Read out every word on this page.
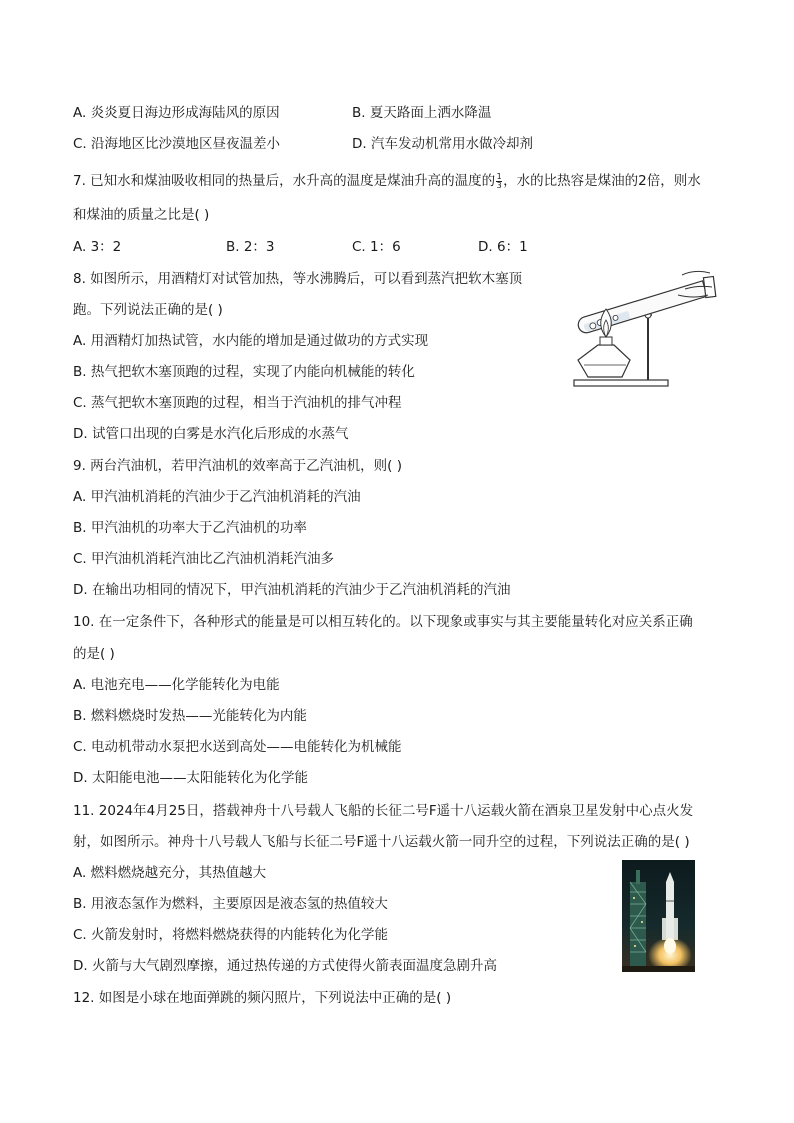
A. 炎炎夏日海边形成海陆风的原因	B. 夏天路面上洒水降温
C. 沿海地区比沙漠地区昼夜温差小	D. 汽车发动机常用水做冷却剂
7. 已知水和煤油吸收相同的热量后，水升高的温度是煤油升高的温度的 $\frac{1}{3}$ ，水的比热容是煤油的2倍，则水
和煤油的质量之比是( )
A. 3：2	B. 2：3	C. 1：6	D. 6：1
8. 如图所示，用酒精灯对试管加热，等水沸腾后，可以看到蒸汽把软木塞顶
跑。下列说法正确的是( )
A. 用酒精灯加热试管，水内能的增加是通过做功的方式实现
B. 热气把软木塞顶跑的过程，实现了内能向机械能的转化
C. 蒸气把软木塞顶跑的过程，相当于汽油机的排气冲程
D. 试管口出现的白雾是水汽化后形成的水蒸气
9. 两台汽油机，若甲汽油机的效率高于乙汽油机，则( )
A. 甲汽油机消耗的汽油少于乙汽油机消耗的汽油
B. 甲汽油机的功率大于乙汽油机的功率
C. 甲汽油机消耗汽油比乙汽油机消耗汽油多
D. 在输出功相同的情况下，甲汽油机消耗的汽油少于乙汽油机消耗的汽油
10. 在一定条件下，各种形式的能量是可以相互转化的。以下现象或事实与其主要能量转化对应关系正确
的是( )
A. 电池充电——化学能转化为电能
B. 燃料燃烧时发热——光能转化为内能
C. 电动机带动水泵把水送到高处——电能转化为机械能
D. 太阳能电池——太阳能转化为化学能
11. 2024年4月25日，搭载神舟十八号载人飞船的长征二号F遥十八运载火箭在酒泉卫星发射中心点火发
射，如图所示。神舟十八号载人飞船与长征二号F遥十八运载火箭一同升空的过程，下列说法正确的是( )
A. 燃料燃烧越充分，其热值越大
B. 用液态氢作为燃料，主要原因是液态氢的热值较大
C. 火箭发射时，将燃料燃烧获得的内能转化为化学能
D. 火箭与大气剧烈摩擦，通过热传递的方式使得火箭表面温度急剧升高
12. 如图是小球在地面弹跳的频闪照片，下列说法中正确的是( )
